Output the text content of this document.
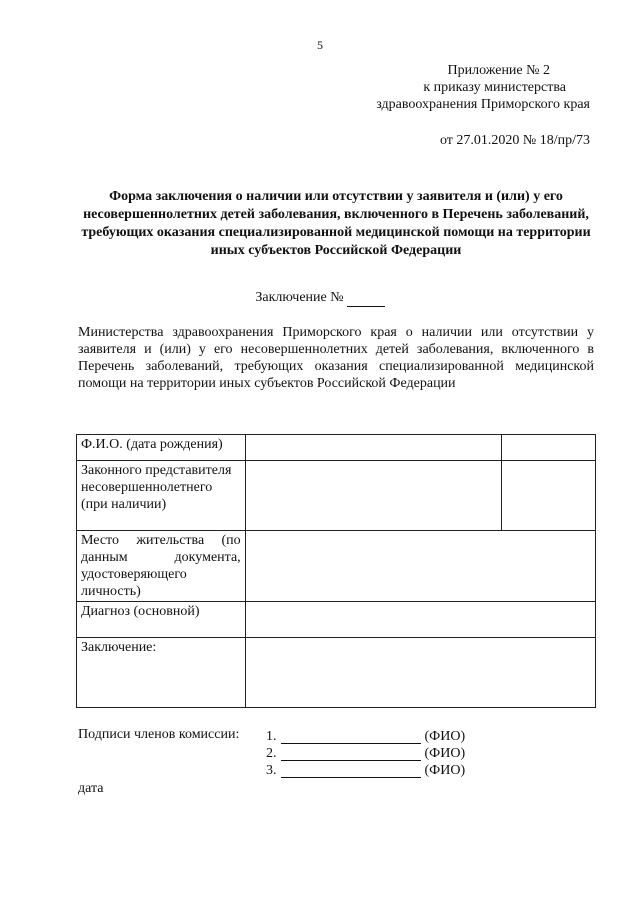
5
Приложение № 2
к приказу министерства
здравоохранения Приморского края
от 27.01.2020 № 18/пр/73
Форма заключения о наличии или отсутствии у заявителя и (или) у его несовершеннолетних детей заболевания, включенного в Перечень заболеваний, требующих оказания специализированной медицинской помощи на территории иных субъектов Российской Федерации
Заключение №
Министерства здравоохранения Приморского края о наличии или отсутствии у заявителя и (или) у его несовершеннолетних детей заболевания, включенного в Перечень заболеваний, требующих оказания специализированной медицинской помощи на территории иных субъектов Российской Федерации
Ф.И.О. (дата рождения)		
Законного представителя несовершеннолетнего (при наличии)		
Место жительства (по данным документа, удостоверяющего личность)		
Диагноз (основной)		
Заключение:		
Подписи членов комиссии: 1.	(ФИО)
2.	(ФИО)
3.	(ФИО)
дата
